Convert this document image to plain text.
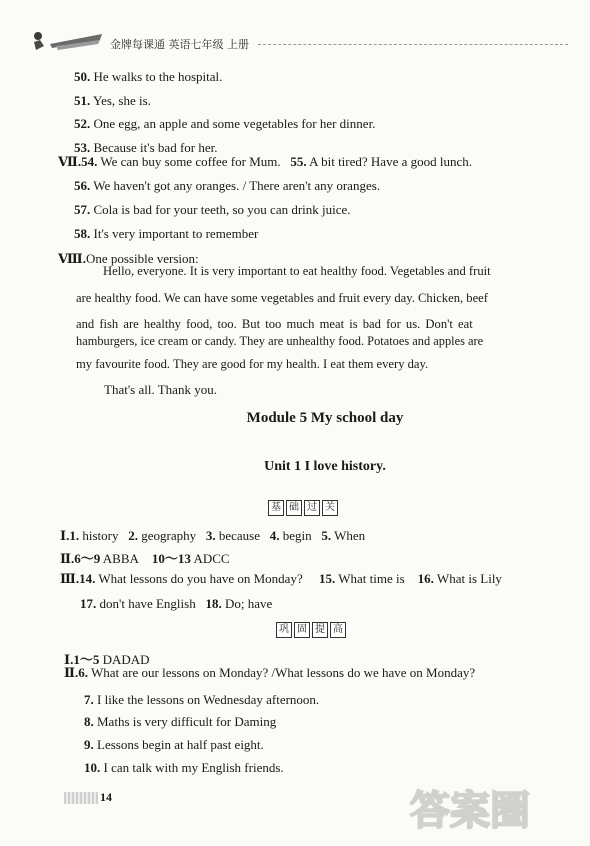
金牌每课通 英语七年级 上册
50. He walks to the hospital.
51. Yes, she is.
52. One egg, an apple and some vegetables for her dinner.
53. Because it's bad for her.
Ⅶ.54. We can buy some coffee for Mum. 55. A bit tired? Have a good lunch.
56. We haven't got any oranges. / There aren't any oranges.
57. Cola is bad for your teeth, so you can drink juice.
58. It's very important to remember
Ⅷ.One possible version:
Hello, everyone. It is very important to eat healthy food. Vegetables and fruit
are healthy food. We can have some vegetables and fruit every day. Chicken, beef
and fish are healthy food, too. But too much meat is bad for us. Don't eat
hamburgers, ice cream or candy. They are unhealthy food. Potatoes and apples are
my favourite food. They are good for my health. I eat them every day.
That's all. Thank you.
Module 5 My school day
Unit 1 I love history.
基 础 过 关
Ⅰ.1. history 2. geography 3. because 4. begin 5. When
Ⅱ.6～9 ABBA 10～13 ADCC
Ⅲ.14. What lessons do you have on Monday? 15. What time is 16. What is Lily
17. don't have English 18. Do; have
巩 固 提 高
Ⅰ.1～5 DADAD
Ⅱ.6. What are our lessons on Monday? /What lessons do we have on Monday?
7. I like the lessons on Wednesday afternoon.
8. Maths is very difficult for Daming
9. Lessons begin at half past eight.
10. I can talk with my English friends.
14	答案圈
